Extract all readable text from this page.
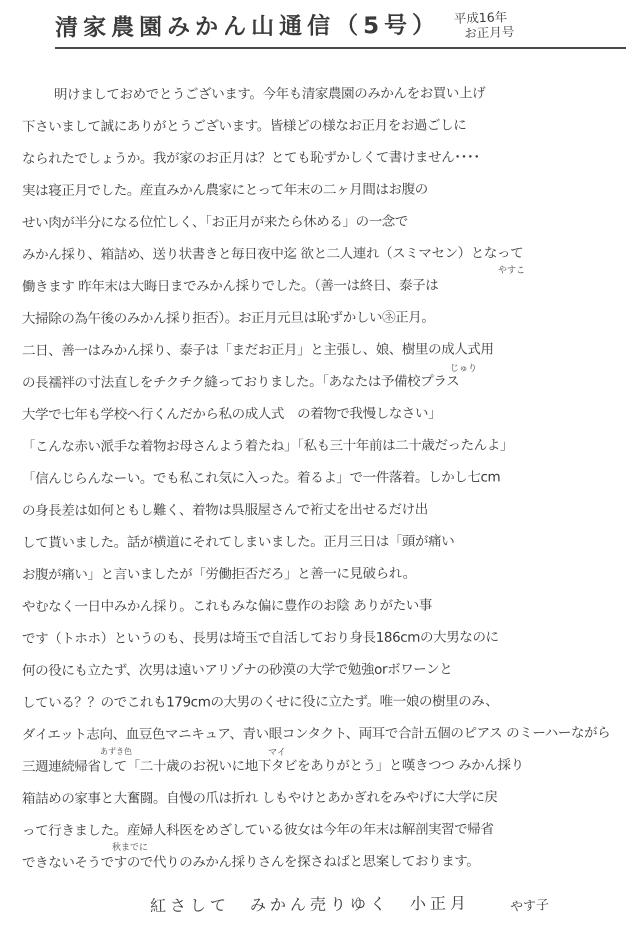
清家農園みかん山通信（5号） 平成16年
お正月号
明けましておめでとうございます。今年も清家農園のみかんをお買い上げ
下さいまして誠にありがとうございます。皆様どの様なお正月をお過ごしに
なられたでしょうか。我が家のお正月は？とても恥ずかしくて書けません････
実は寝正月でした。産直みかん農家にとって年末の二ヶ月間はお腹の
せい肉が半分になる位忙しく、「お正月が来たら休める」の一念で
みかん採り、箱詰め、送り状書きと毎日夜中迄 欲と二人連れ（スミマセン）となって
働きます 昨年末は大晦日までみかん採りでした。（善一は終日、泰子は
大掃除の為午後のみかん採り拒否）。お正月元旦は恥ずかしい㋧正月。
二日、善一はみかん採り、泰子は「まだお正月」と主張し、娘、樹里の成人式用
の長襦袢の寸法直しをチクチク縫っておりました。「あなたは予備校プラス
大学で七年も学校へ行くんだから私の成人式　の着物で我慢しなさい」
「こんな赤い派手な着物お母さんよう着たね」「私も三十年前は二十歳だったんよ」
「信んじらんなーい。でも私これ気に入った。着るよ」で一件落着。しかし七cm
の身長差は如何ともし難く、着物は呉服屋さんで裄丈を出せるだけ出
して貰いました。話が横道にそれてしまいました。正月三日は「頭が痛い
お腹が痛い」と言いましたが「労働拒否だろ」と善一に見破られ。
やむなく一日中みかん採り。これもみな偏に豊作のお陰 ありがたい事
です（トホホ）というのも、長男は埼玉で自活しており身長186cmの大男なのに
何の役にも立たず、次男は遠いアリゾナの砂漠の大学で勉強orボワーンと
している？？のでこれも179cmの大男のくせに役に立たず。唯一娘の樹里のみ、
ダイエット志向、血豆色マニキュア、青い眼コンタクト、両耳で合計五個のピアス のミーハーながら
三週連続帰省して「二十歳のお祝いに地下タビをありがとう」と嘆きつつ みかん採り
箱詰めの家事と大奮闘。自慢の爪は折れ しもやけとあかぎれをみやげに大学に戻
って行きました。産婦人科医をめざしている彼女は今年の年末は解剖実習で帰省
できないそうですので代りのみかん採りさんを探さねばと思案しております。
やすこ
じゅり
あずき色	マイ
秋までに
紅さして　みかん売りゆく　小正月	やす子
